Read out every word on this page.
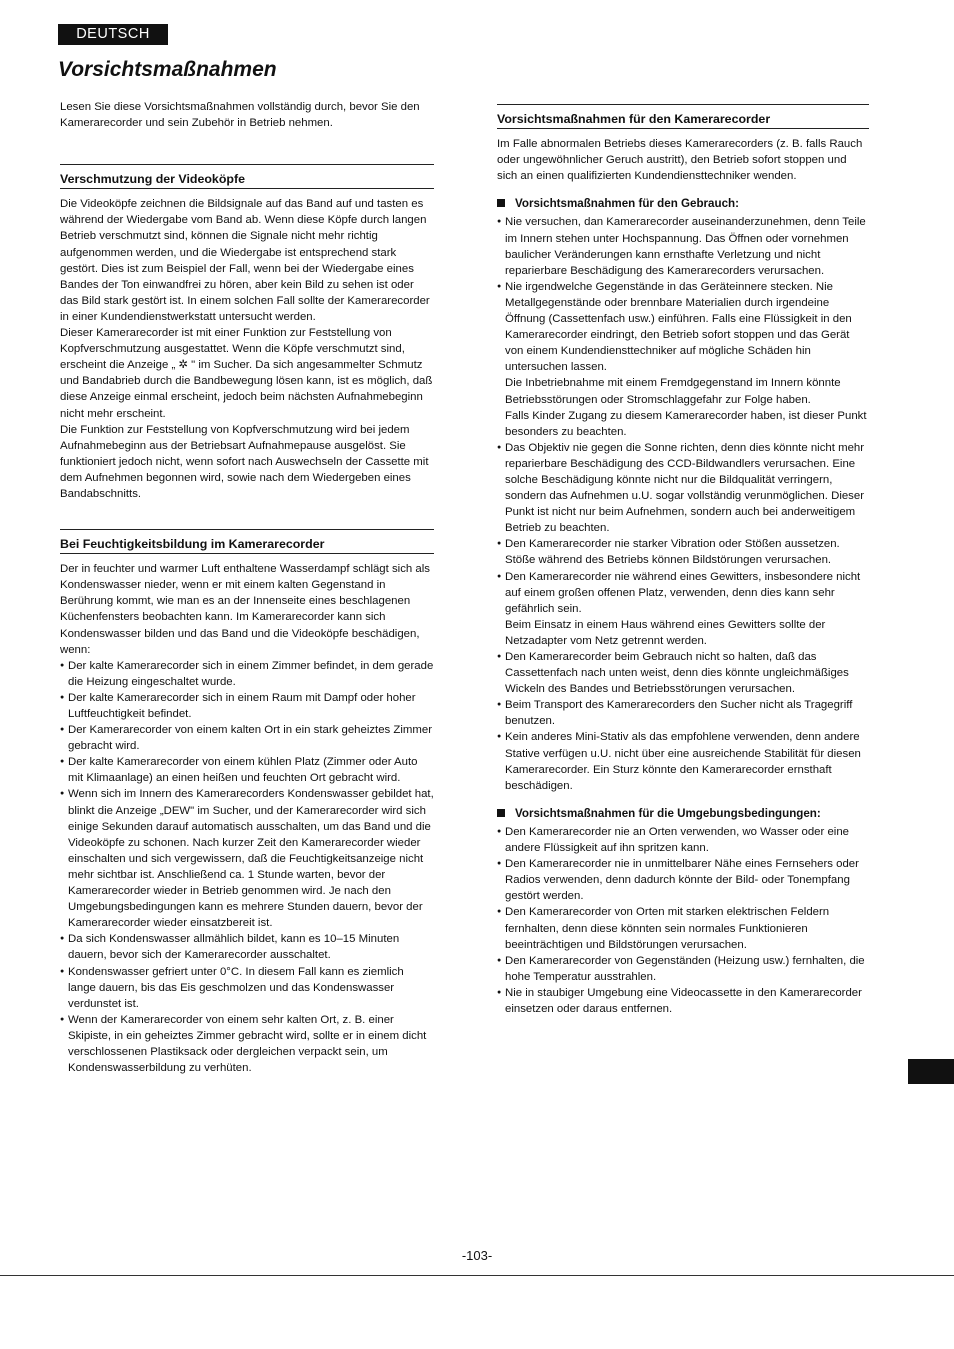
DEUTSCH
Vorsichtsmaßnahmen

Lesen Sie diese Vorsichtsmaßnahmen vollständig durch, bevor Sie den Kamerarecorder und sein Zubehör in Betrieb nehmen.

Verschmutzung der Videoköpfe

Die Videoköpfe zeichnen die Bildsignale auf das Band auf und tasten es während der Wiedergabe vom Band ab. Wenn diese Köpfe durch langen Betrieb verschmutzt sind, können die Signale nicht mehr richtig aufgenommen werden, und die Wiedergabe ist entsprechend stark gestört. Dies ist zum Beispiel der Fall, wenn bei der Wiedergabe eines Bandes der Ton einwandfrei zu hören, aber kein Bild zu sehen ist oder das Bild stark gestört ist. In einem solchen Fall sollte der Kamerarecorder in einer Kundendienstwerkstatt untersucht werden.

Dieser Kamerarecorder ist mit einer Funktion zur Feststellung von Kopfverschmutzung ausgestattet. Wenn die Köpfe verschmutzt sind, erscheint die Anzeige „ ✲ " im Sucher. Da sich angesammelter Schmutz und Bandabrieb durch die Bandbewegung lösen kann, ist es möglich, daß diese Anzeige einmal erscheint, jedoch beim nächsten Aufnahmebeginn nicht mehr erscheint.

Die Funktion zur Feststellung von Kopfverschmutzung wird bei jedem Aufnahmebeginn aus der Betriebsart Aufnahmepause ausgelöst. Sie funktioniert jedoch nicht, wenn sofort nach Auswechseln der Cassette mit dem Aufnehmen begonnen wird, sowie nach dem Wiedergeben eines Bandabschnitts.

Bei Feuchtigkeitsbildung im Kamerarecorder

Der in feuchter und warmer Luft enthaltene Wasserdampf schlägt sich als Kondenswasser nieder, wenn er mit einem kalten Gegenstand in Berührung kommt, wie man es an der Innenseite eines beschlagenen Küchenfensters beobachten kann. Im Kamerarecorder kann sich Kondenswasser bilden und das Band und die Videoköpfe beschädigen, wenn:

● Der kalte Kamerarecorder sich in einem Zimmer befindet, in dem gerade die Heizung eingeschaltet wurde.
● Der kalte Kamerarecorder sich in einem Raum mit Dampf oder hoher Luftfeuchtigkeit befindet.
● Der Kamerarecorder von einem kalten Ort in ein stark geheiztes Zimmer gebracht wird.
● Der kalte Kamerarecorder von einem kühlen Platz (Zimmer oder Auto mit Klimaanlage) an einen heißen und feuchten Ort gebracht wird.
● Wenn sich im Innern des Kamerarecorders Kondenswasser gebildet hat, blinkt die Anzeige „DEW" im Sucher, und der Kamerarecorder wird sich einige Sekunden darauf automatisch ausschalten, um das Band und die Videoköpfe zu schonen. Nach kurzer Zeit den Kamerarecorder wieder einschalten und sich vergewissern, daß die Feuchtigkeitsanzeige nicht mehr sichtbar ist. Anschließend ca. 1 Stunde warten, bevor der Kamerarecorder wieder in Betrieb genommen wird. Je nach den Umgebungsbedingungen kann es mehrere Stunden dauern, bevor der Kamerarecorder wieder einsatzbereit ist.
● Da sich Kondenswasser allmählich bildet, kann es 10–15 Minuten dauern, bevor sich der Kamerarecorder ausschaltet.
● Kondenswasser gefriert unter 0°C. In diesem Fall kann es ziemlich lange dauern, bis das Eis geschmolzen und das Kondenswasser verdunstet ist.
● Wenn der Kamerarecorder von einem sehr kalten Ort, z. B. einer Skipiste, in ein geheiztes Zimmer gebracht wird, sollte er in einem dicht verschlossenen Plastiksack oder dergleichen verpackt sein, um Kondenswasserbildung zu verhüten.
Vorsichtsmaßnahmen für den Kamerarecorder

Im Falle abnormalen Betriebs dieses Kamerarecorders (z. B. falls Rauch oder ungewöhnlicher Geruch austritt), den Betrieb sofort stoppen und sich an einen qualifizierten Kundendiensttechniker wenden.

Vorsichtsmaßnahmen für den Gebrauch:
● Nie versuchen, dan Kamerarecorder auseinanderzunehmen, denn Teile im Innern stehen unter Hochspannung. Das Öffnen oder vornehmen baulicher Veränderungen kann ernsthafte Verletzung und nicht reparierbare Beschädigung des Kamerarecorders verursachen.
● Nie irgendwelche Gegenstände in das Geräteinnere stecken. Nie Metallgegenstände oder brennbare Materialien durch irgendeine Öffnung (Cassettenfach usw.) einführen. Falls eine Flüssigkeit in den Kamerarecorder eindringt, den Betrieb sofort stoppen und das Gerät von einem Kundendiensttechniker auf mögliche Schäden hin untersuchen lassen.
Die Inbetriebnahme mit einem Fremdgegenstand im Innern könnte Betriebsstörungen oder Stromschlaggefahr zur Folge haben.
Falls Kinder Zugang zu diesem Kamerarecorder haben, ist dieser Punkt besonders zu beachten.
● Das Objektiv nie gegen die Sonne richten, denn dies könnte nicht mehr reparierbare Beschädigung des CCD-Bildwandlers verursachen. Eine solche Beschädigung könnte nicht nur die Bildqualität verringern, sondern das Aufnehmen u.U. sogar vollständig verunmöglichen. Dieser Punkt ist nicht nur beim Aufnehmen, sondern auch bei anderweitigem Betrieb zu beachten.
● Den Kamerarecorder nie starker Vibration oder Stößen aussetzen.
Stöße während des Betriebs können Bildstörungen verursachen.
● Den Kamerarecorder nie während eines Gewitters, insbesondere nicht auf einem großen offenen Platz, verwenden, denn dies kann sehr gefährlich sein.
Beim Einsatz in einem Haus während eines Gewitters sollte der Netzadapter vom Netz getrennt werden.
● Den Kamerarecorder beim Gebrauch nicht so halten, daß das Cassettenfach nach unten weist, denn dies könnte ungleichmäßiges Wickeln des Bandes und Betriebsstörungen verursachen.
● Beim Transport des Kamerarecorders den Sucher nicht als Tragegriff benutzen.
● Kein anderes Mini-Stativ als das empfohlene verwenden, denn andere Stative verfügen u.U. nicht über eine ausreichende Stabilität für diesen Kamerarecorder. Ein Sturz könnte den Kamerarecorder ernsthaft beschädigen.
Vorsichtsmaßnahmen für die Umgebungsbedingungen:
● Den Kamerarecorder nie an Orten verwenden, wo Wasser oder eine andere Flüssigkeit auf ihn spritzen kann.
● Den Kamerarecorder nie in unmittelbarer Nähe eines Fernsehers oder Radios verwenden, denn dadurch könnte der Bild- oder Tonempfang gestört werden.
● Den Kamerarecorder von Orten mit starken elektrischen Feldern fernhalten, denn diese könnten sein normales Funktionieren beeinträchtigen und Bildstörungen verursachen.
● Den Kamerarecorder von Gegenständen (Heizung usw.) fernhalten, die hohe Temperatur ausstrahlen.
● Nie in staubiger Umgebung eine Videocassette in den Kamerarecorder einsetzen oder daraus entfernen.
-103-
